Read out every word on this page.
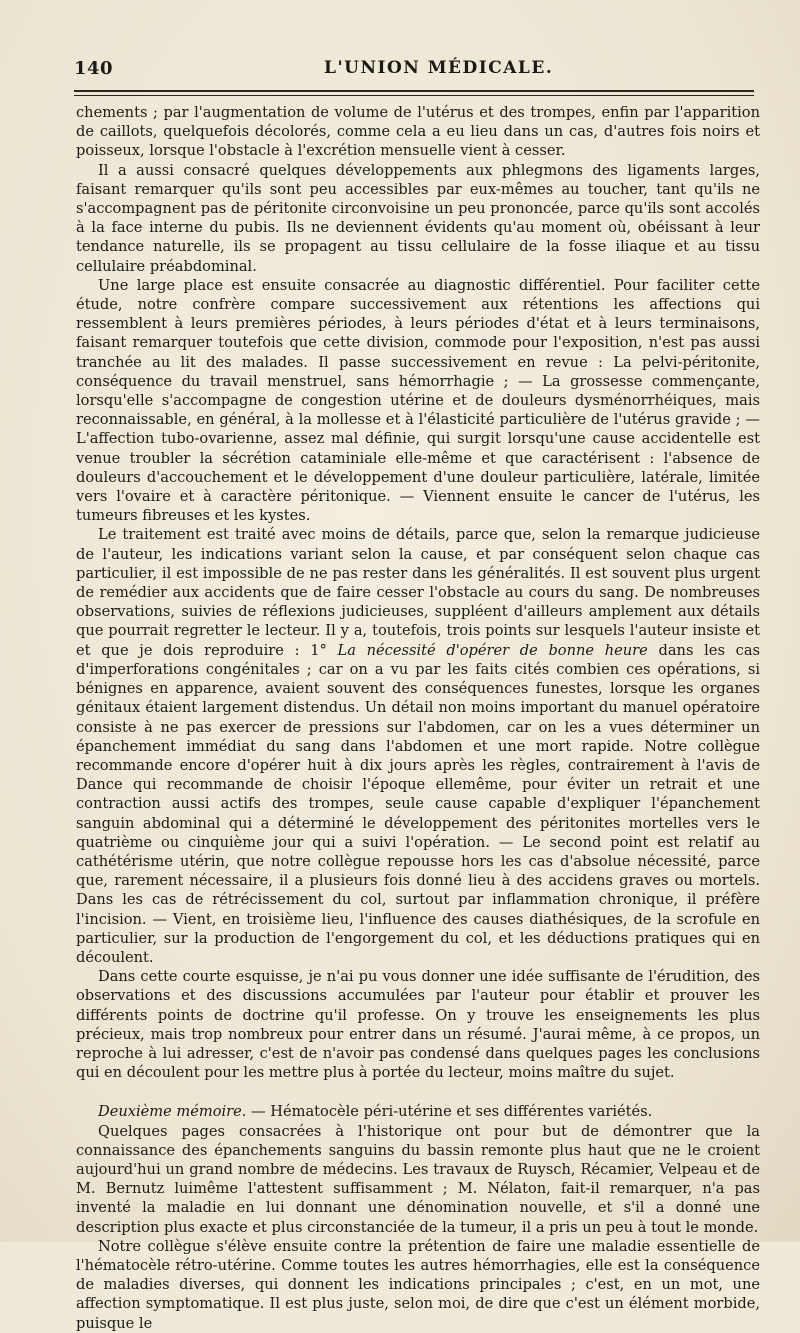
140	L'UNION MÉDICALE.

chements ; par l'augmentation de volume de l'utérus et des trompes, enfin par l'apparition de caillots, quelquefois décolorés, comme cela a eu lieu dans un cas, d'autres fois noirs et poisseux, lorsque l'obstacle à l'excrétion mensuelle vient à cesser.

Il a aussi consacré quelques développements aux phlegmons des ligaments larges, faisant remarquer qu'ils sont peu accessibles par eux-mêmes au toucher, tant qu'ils ne s'accompagnent pas de péritonite circonvoisine un peu prononcée, parce qu'ils sont accolés à la face interne du pubis. Ils ne deviennent évidents qu'au moment où, obéissant à leur tendance naturelle, ils se propagent au tissu cellulaire de la fosse iliaque et au tissu cellulaire préabdominal.

Une large place est ensuite consacrée au diagnostic différentiel. Pour faciliter cette étude, notre confrère compare successivement aux rétentions les affections qui ressemblent à leurs premières périodes, à leurs périodes d'état et à leurs terminaisons, faisant remarquer toutefois que cette division, commode pour l'exposition, n'est pas aussi tranchée au lit des malades. Il passe successivement en revue : La pelvi-péritonite, conséquence du travail menstruel, sans hémorrhagie ; — La grossesse commençante, lorsqu'elle s'accompagne de congestion utérine et de douleurs dysménorrhéiques, mais reconnaissable, en général, à la mollesse et à l'élasticité particulière de l'utérus gravide ; — L'affection tubo-ovarienne, assez mal définie, qui surgit lorsqu'une cause accidentelle est venue troubler la sécrétion cataminiale elle-même et que caractérisent : l'absence de douleurs d'accouchement et le développement d'une douleur particulière, latérale, limitée vers l'ovaire et à caractère péritonique. — Viennent ensuite le cancer de l'utérus, les tumeurs fibreuses et les kystes.

Le traitement est traité avec moins de détails, parce que, selon la remarque judicieuse de l'auteur, les indications variant selon la cause, et par conséquent selon chaque cas particulier, il est impossible de ne pas rester dans les généralités. Il est souvent plus urgent de remédier aux accidents que de faire cesser l'obstacle au cours du sang. De nombreuses observations, suivies de réflexions judicieuses, suppléent d'ailleurs amplement aux détails que pourrait regretter le lecteur. Il y a, toutefois, trois points sur lesquels l'auteur insiste et et que je dois reproduire : 1° La nécessité d'opérer de bonne heure dans les cas d'imperforations congénitales ; car on a vu par les faits cités combien ces opérations, si bénignes en apparence, avaient souvent des conséquences funestes, lorsque les organes génitaux étaient largement distendus. Un détail non moins important du manuel opératoire consiste à ne pas exercer de pressions sur l'abdomen, car on les a vues déterminer un épanchement immédiat du sang dans l'abdomen et une mort rapide. Notre collègue recommande encore d'opérer huit à dix jours après les règles, contrairement à l'avis de Dance qui recommande de choisir l'époque ellemême, pour éviter un retrait et une contraction aussi actifs des trompes, seule cause capable d'expliquer l'épanchement sanguin abdominal qui a déterminé le développement des péritonites mortelles vers le quatrième ou cinquième jour qui a suivi l'opération. — Le second point est relatif au cathétérisme utérin, que notre collègue repousse hors les cas d'absolue nécessité, parce que, rarement nécessaire, il a plusieurs fois donné lieu à des accidens graves ou mortels. Dans les cas de rétrécissement du col, surtout par inflammation chronique, il préfère l'incision. — Vient, en troisième lieu, l'influence des causes diathésiques, de la scrofule en particulier, sur la production de l'engorgement du col, et les déductions pratiques qui en découlent.

Dans cette courte esquisse, je n'ai pu vous donner une idée suffisante de l'érudition, des observations et des discussions accumulées par l'auteur pour établir et prouver les différents points de doctrine qu'il professe. On y trouve les enseignements les plus précieux, mais trop nombreux pour entrer dans un résumé. J'aurai même, à ce propos, un reproche à lui adresser, c'est de n'avoir pas condensé dans quelques pages les conclusions qui en découlent pour les mettre plus à portée du lecteur, moins maître du sujet.

Deuxième mémoire. — Hématocèle péri-utérine et ses différentes variétés.

Quelques pages consacrées à l'historique ont pour but de démontrer que la connaissance des épanchements sanguins du bassin remonte plus haut que ne le croient aujourd'hui un grand nombre de médecins. Les travaux de Ruysch, Récamier, Velpeau et de M. Bernutz luimême l'attestent suffisamment ; M. Nélaton, fait-il remarquer, n'a pas inventé la maladie en lui donnant une dénomination nouvelle, et s'il a donné une description plus exacte et plus circonstanciée de la tumeur, il a pris un peu à tout le monde.

Notre collègue s'élève ensuite contre la prétention de faire une maladie essentielle de l'hématocèle rétro-utérine. Comme toutes les autres hémorrhagies, elle est la conséquence de maladies diverses, qui donnent les indications principales ; c'est, en un mot, une affection symptomatique. Il est plus juste, selon moi, de dire que c'est un élément morbide, puisque le
